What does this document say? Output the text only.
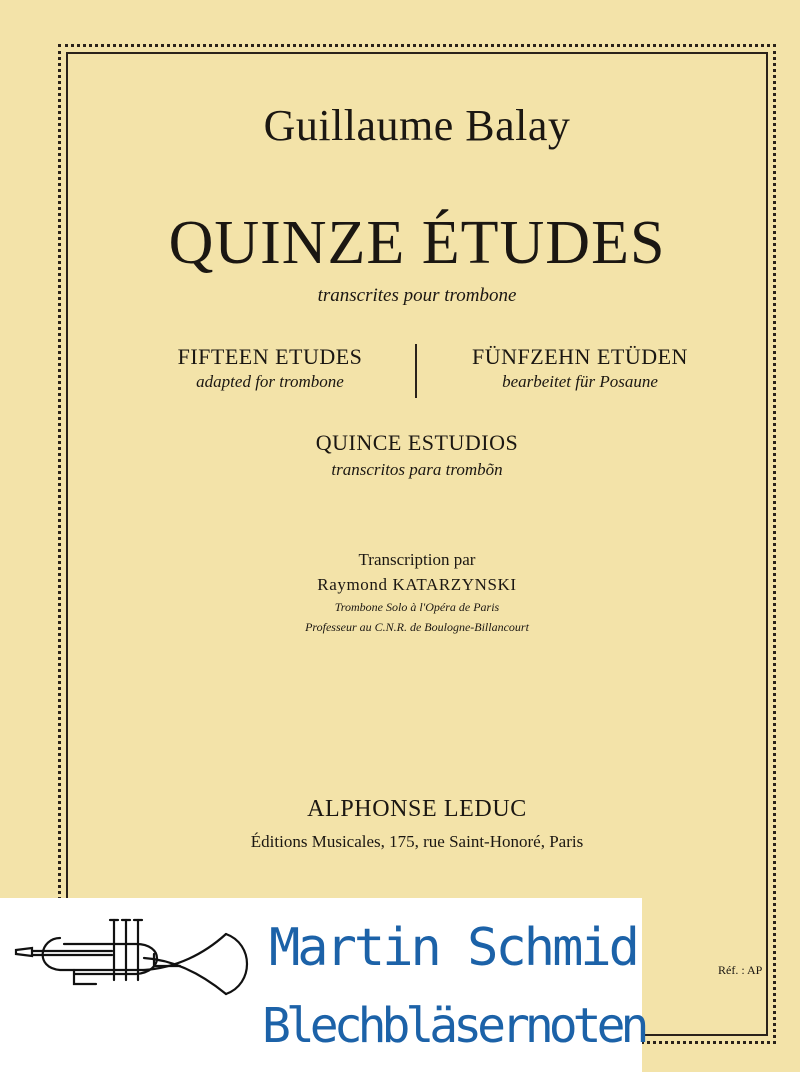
Guillaume Balay
QUINZE ÉTUDES
transcrites pour trombone
FIFTEEN ETUDES
adapted for trombone
FÜNFZEHN ETÜDEN
bearbeitet für Posaune
QUINCE ESTUDIOS
transcritos para trombõn
Transcription par
Raymond KATARZYNSKI
Trombone Solo à l'Opéra de Paris
Professeur au C.N.R. de Boulogne-Billancourt
ALPHONSE LEDUC
Éditions Musicales, 175, rue Saint-Honoré, Paris
Réf. : AP
Martin Schmid
Blechbläsernoten
